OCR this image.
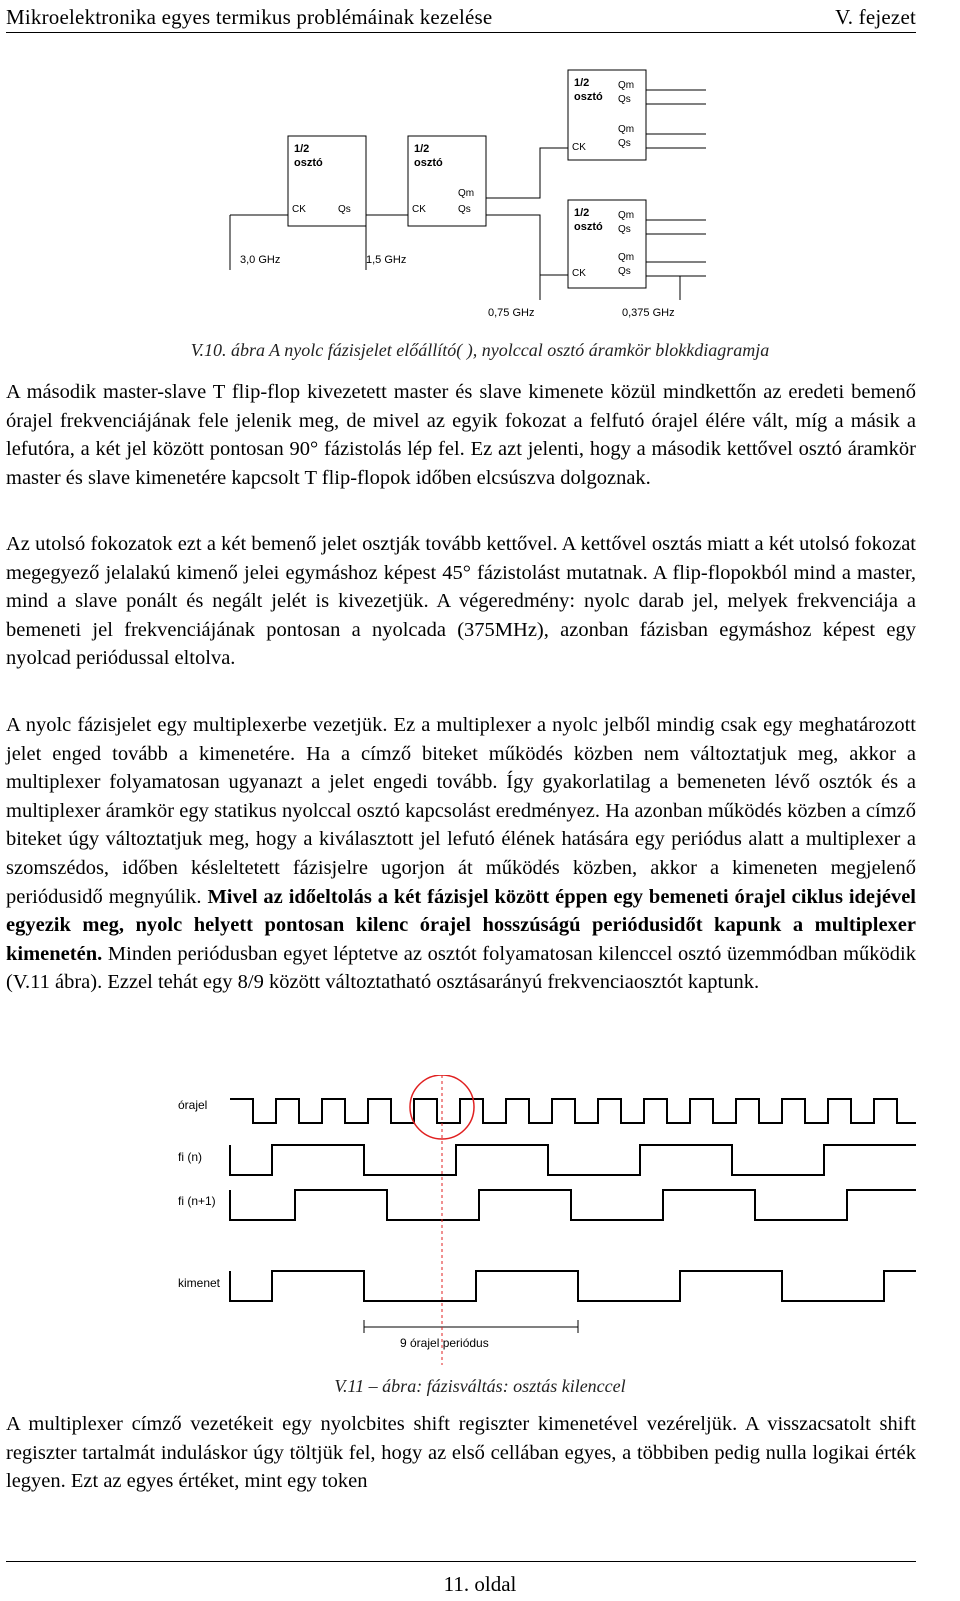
Mikroelektronika egyes termikus problémáinak kezelése	V. fejezet
1/2
osztó
1/2
osztó
1/2
osztó
1/2
osztó
CK	Qs	CK
Qm
Qs
CK
Qm
Qs
Qm
Qs
CK
Qm
Qs
Qm
Qs
3,0 GHz	1,5 GHz
0,75 GHz	0,375 GHz
V.10. ábra A nyolc fázisjelet előállító( ), nyolccal osztó áramkör blokkdiagramja

A második master-slave T flip-flop kivezetett master és slave kimenete közül mindkettőn az eredeti bemenő órajel frekvenciájának fele jelenik meg, de mivel az egyik fokozat a felfutó órajel élére vált, míg a másik a lefutóra, a két jel között pontosan 90° fázistolás lép fel. Ez azt jelenti, hogy a második kettővel osztó áramkör master és slave kimenetére kapcsolt T flip-flopok időben elcsúszva dolgoznak.

Az utolsó fokozatok ezt a két bemenő jelet osztják tovább kettővel. A kettővel osztás miatt a két utolsó fokozat megegyező jelalakú kimenő jelei egymáshoz képest 45° fázistolást mutatnak. A flip-flopokból mind a master, mind a slave ponált és negált jelét is kivezetjük. A végeredmény: nyolc darab jel, melyek frekvenciája a bemeneti jel frekvenciájának pontosan a nyolcada (375MHz), azonban fázisban egymáshoz képest egy nyolcad periódussal eltolva.

A nyolc fázisjelet egy multiplexerbe vezetjük. Ez a multiplexer a nyolc jelből mindig csak egy meghatározott jelet enged tovább a kimenetére. Ha a címző biteket működés közben nem változtatjuk meg, akkor a multiplexer folyamatosan ugyanazt a jelet engedi tovább. Így gyakorlatilag a bemeneten lévő osztók és a multiplexer áramkör egy statikus nyolccal osztó kapcsolást eredményez. Ha azonban működés közben a címző biteket úgy változtatjuk meg, hogy a kiválasztott jel lefutó élének hatására egy periódus alatt a multiplexer a szomszédos, időben késleltetett fázisjelre ugorjon át működés közben, akkor a kimeneten megjelenő periódusidő megnyúlik. Mivel az időeltolás a két fázisjel között éppen egy bemeneti órajel ciklus idejével egyezik meg, nyolc helyett pontosan kilenc órajel hosszúságú periódusidőt kapunk a multiplexer kimenetén. Minden periódusban egyet léptetve az osztót folyamatosan kilenccel osztó üzemmódban működik (V.11 ábra). Ezzel tehát egy 8/9 között változtatható osztásarányú frekvenciaosztót kaptunk.

órajel
fi (n)
fi (n+1)
kimenet
9 órajel periódus
V.11 – ábra: fázisváltás: osztás kilenccel

A multiplexer címző vezetékeit egy nyolcbites shift regiszter kimenetével vezéreljük. A visszacsatolt shift regiszter tartalmát induláskor úgy töltjük fel, hogy az első cellában egyes, a többiben pedig nulla logikai érték legyen. Ezt az egyes értéket, mint egy token

11. oldal
